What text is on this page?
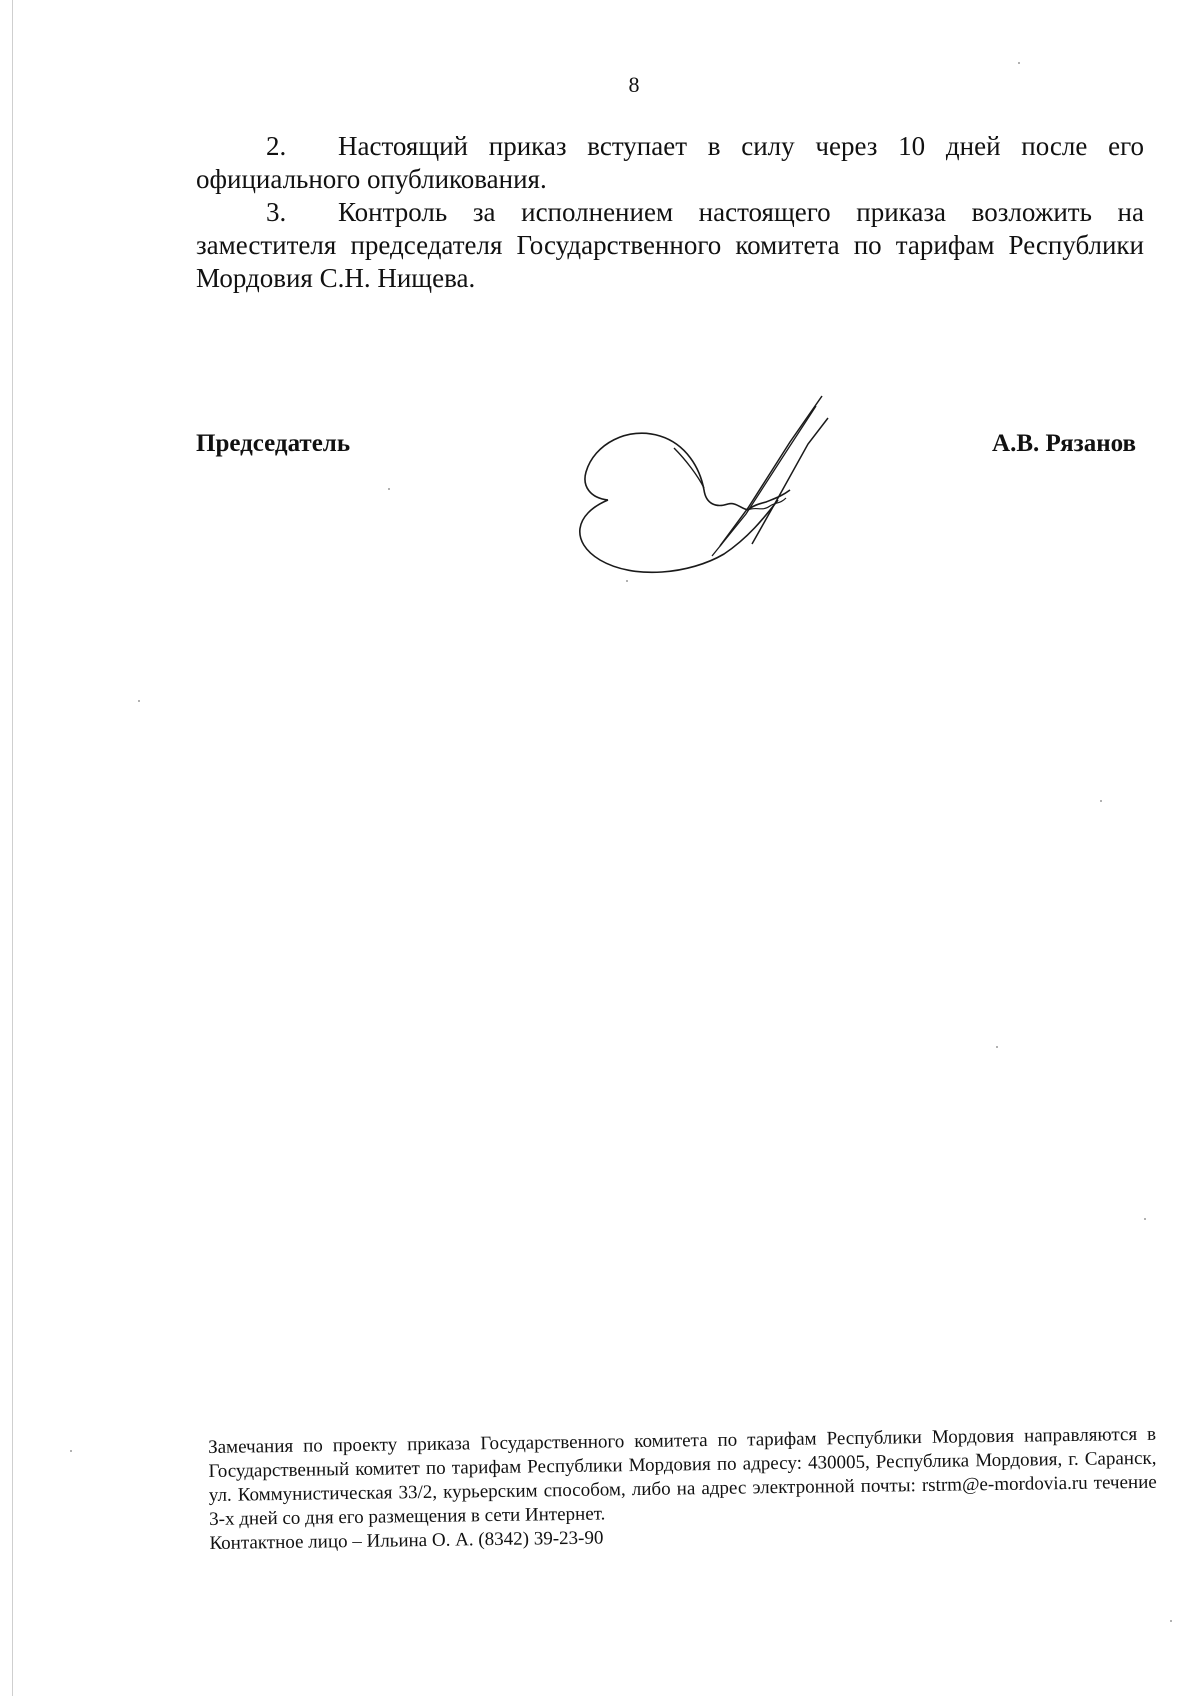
8

2. Настоящий приказ вступает в силу через 10 дней после его официального опубликования.

3. Контроль за исполнением настоящего приказа возложить на заместителя председателя Государственного комитета по тарифам Республики Мордовия С.Н. Нищева.

Председатель	А.В. Рязанов

Замечания по проекту приказа Государственного комитета по тарифам Республики Мордовия направляются в Государственный комитет по тарифам Республики Мордовия по адресу: 430005, Республика Мордовия, г. Саранск, ул. Коммунистическая 33/2, курьерским способом, либо на адрес электронной почты: rstrm@e-mordovia.ru течение 3-х дней со дня его размещения в сети Интернет.

Контактное лицо – Ильина О. А. (8342) 39-23-90
